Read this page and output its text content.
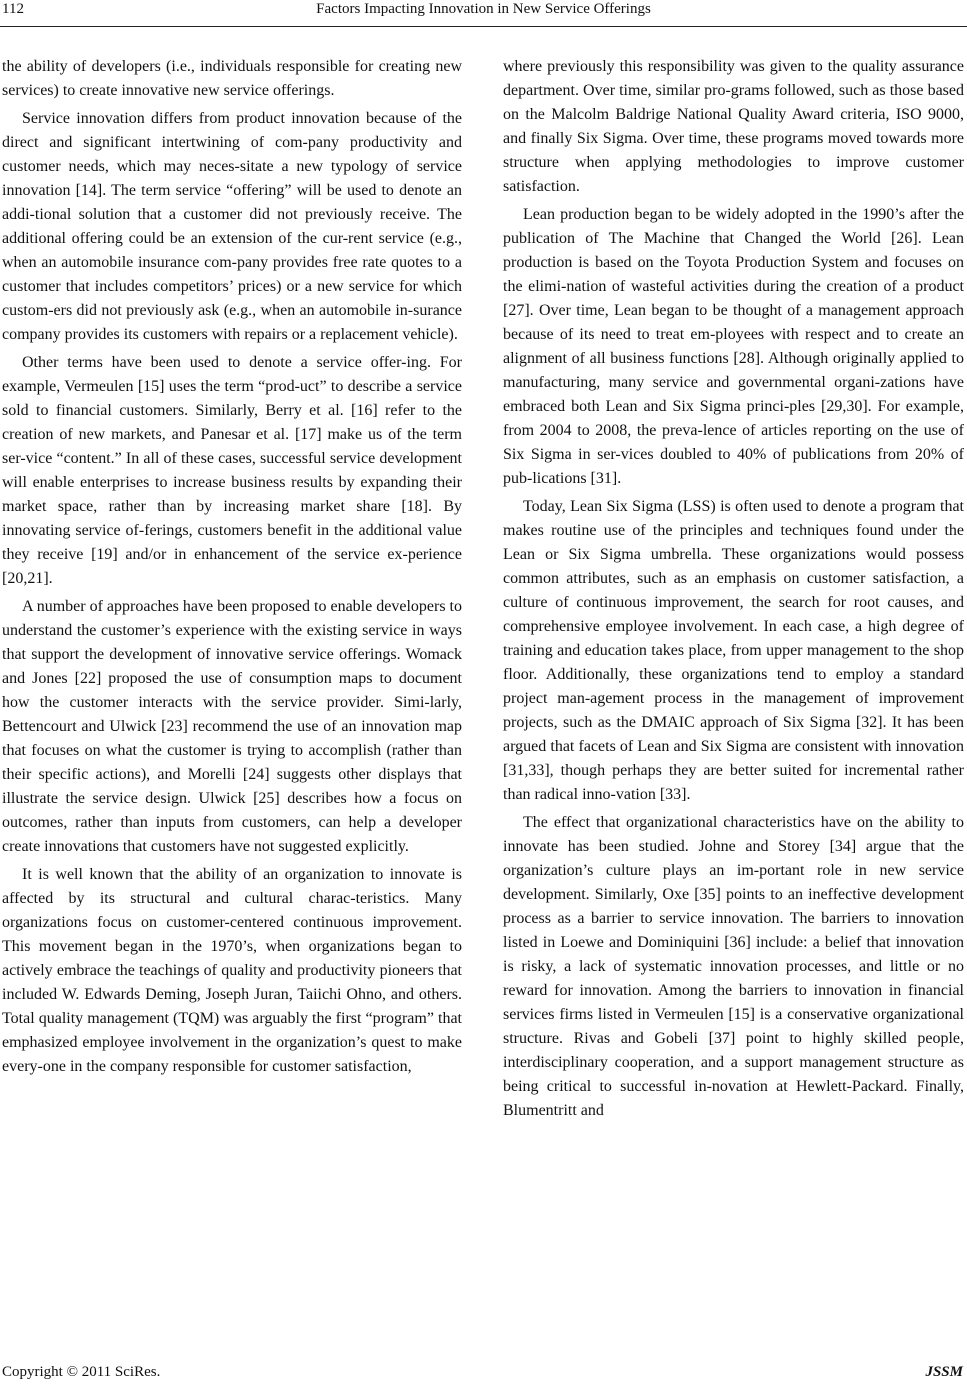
112	Factors Impacting Innovation in New Service Offerings

the ability of developers (i.e., individuals responsible for creating new services) to create innovative new service offerings.

Service innovation differs from product innovation because of the direct and significant intertwining of com-pany productivity and customer needs, which may neces-sitate a new typology of service innovation [14]. The term service “offering” will be used to denote an addi-tional solution that a customer did not previously receive. The additional offering could be an extension of the cur-rent service (e.g., when an automobile insurance com-pany provides free rate quotes to a customer that includes competitors’ prices) or a new service for which custom-ers did not previously ask (e.g., when an automobile in-surance company provides its customers with repairs or a replacement vehicle).

Other terms have been used to denote a service offer-ing. For example, Vermeulen [15] uses the term “prod-uct” to describe a service sold to financial customers. Similarly, Berry et al. [16] refer to the creation of new markets, and Panesar et al. [17] make us of the term ser-vice “content.” In all of these cases, successful service development will enable enterprises to increase business results by expanding their market space, rather than by increasing market share [18]. By innovating service of-ferings, customers benefit in the additional value they receive [19] and/or in enhancement of the service ex-perience [20,21].

A number of approaches have been proposed to enable developers to understand the customer’s experience with the existing service in ways that support the development of innovative service offerings. Womack and Jones [22] proposed the use of consumption maps to document how the customer interacts with the service provider. Simi-larly, Bettencourt and Ulwick [23] recommend the use of an innovation map that focuses on what the customer is trying to accomplish (rather than their specific actions), and Morelli [24] suggests other displays that illustrate the service design. Ulwick [25] describes how a focus on outcomes, rather than inputs from customers, can help a developer create innovations that customers have not suggested explicitly.

It is well known that the ability of an organization to innovate is affected by its structural and cultural charac-teristics. Many organizations focus on customer-centered continuous improvement. This movement began in the 1970’s, when organizations began to actively embrace the teachings of quality and productivity pioneers that included W. Edwards Deming, Joseph Juran, Taiichi Ohno, and others. Total quality management (TQM) was arguably the first “program” that emphasized employee involvement in the organization’s quest to make every-one in the company responsible for customer satisfaction,

where previously this responsibility was given to the quality assurance department. Over time, similar pro-grams followed, such as those based on the Malcolm Baldrige National Quality Award criteria, ISO 9000, and finally Six Sigma. Over time, these programs moved towards more structure when applying methodologies to improve customer satisfaction.

Lean production began to be widely adopted in the 1990’s after the publication of The Machine that Changed the World [26]. Lean production is based on the Toyota Production System and focuses on the elimi-nation of wasteful activities during the creation of a product [27]. Over time, Lean began to be thought of a management approach because of its need to treat em-ployees with respect and to create an alignment of all business functions [28]. Although originally applied to manufacturing, many service and governmental organi-zations have embraced both Lean and Six Sigma princi-ples [29,30]. For example, from 2004 to 2008, the preva-lence of articles reporting on the use of Six Sigma in ser-vices doubled to 40% of publications from 20% of pub-lications [31].

Today, Lean Six Sigma (LSS) is often used to denote a program that makes routine use of the principles and techniques found under the Lean or Six Sigma umbrella. These organizations would possess common attributes, such as an emphasis on customer satisfaction, a culture of continuous improvement, the search for root causes, and comprehensive employee involvement. In each case, a high degree of training and education takes place, from upper management to the shop floor. Additionally, these organizations tend to employ a standard project man-agement process in the management of improvement projects, such as the DMAIC approach of Six Sigma [32]. It has been argued that facets of Lean and Six Sigma are consistent with innovation [31,33], though perhaps they are better suited for incremental rather than radical inno-vation [33].

The effect that organizational characteristics have on the ability to innovate has been studied. Johne and Storey [34] argue that the organization’s culture plays an im-portant role in new service development. Similarly, Oxe [35] points to an ineffective development process as a barrier to service innovation. The barriers to innovation listed in Loewe and Dominiquini [36] include: a belief that innovation is risky, a lack of systematic innovation processes, and little or no reward for innovation. Among the barriers to innovation in financial services firms listed in Vermeulen [15] is a conservative organizational structure. Rivas and Gobeli [37] point to highly skilled people, interdisciplinary cooperation, and a support management structure as being critical to successful in-novation at Hewlett-Packard. Finally, Blumentritt and

Copyright © 2011 SciRes.	JSSM
